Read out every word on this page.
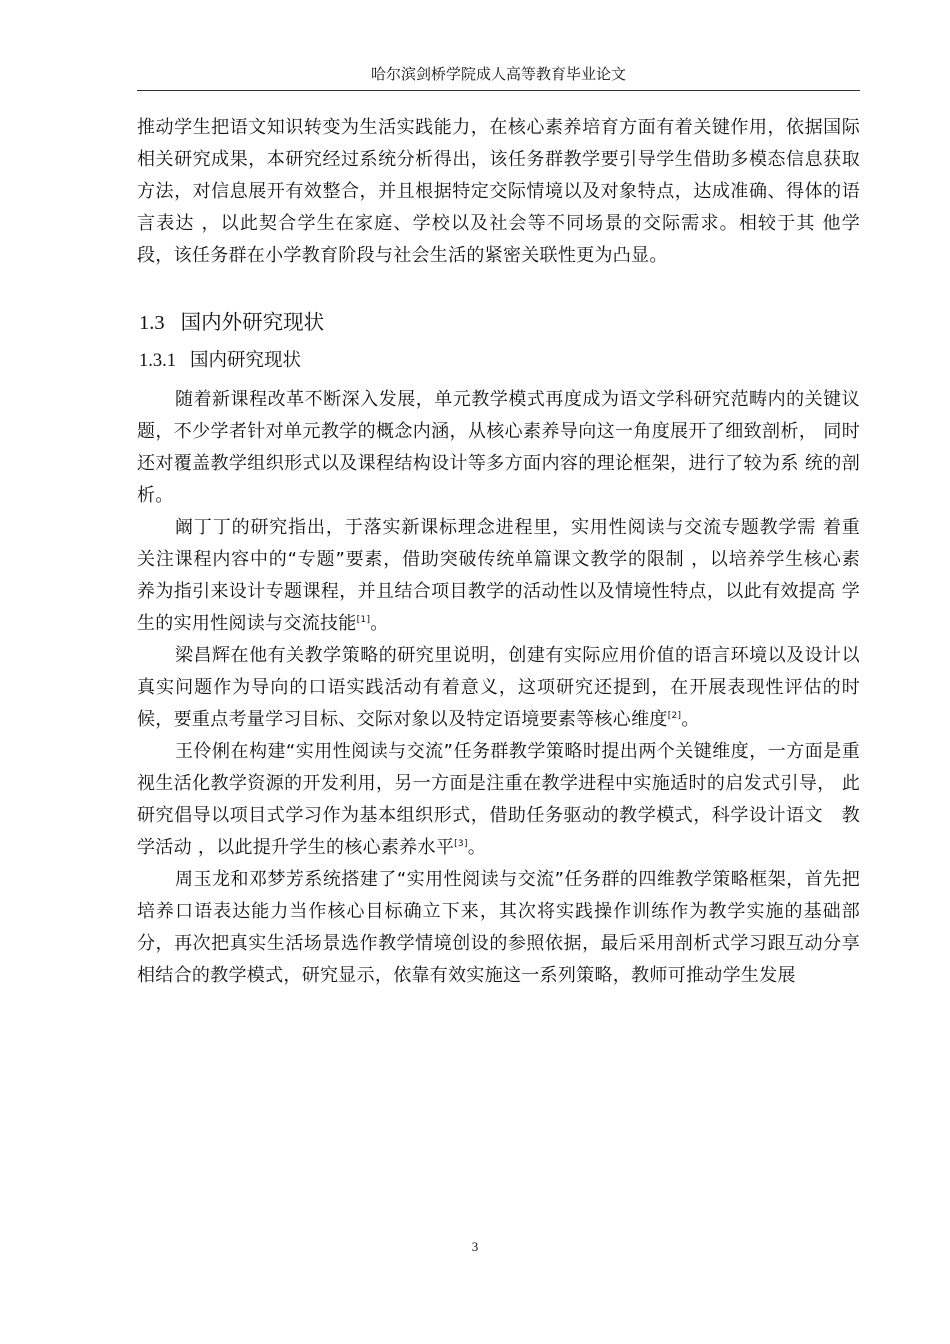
哈尔滨剑桥学院成人高等教育毕业论文

推动学生把语文知识转变为生活实践能力，在核心素养培育方面有着关键作用，依据国际相关研究成果，本研究经过系统分析得出，该任务群教学要引导学生借助多模态信息获取方法，对信息展开有效整合，并且根据特定交际情境以及对象特点，达成准确、得体的语言表达 ，以此契合学生在家庭、学校以及社会等不同场景的交际需求。相较于其 他学段，该任务群在小学教育阶段与社会生活的紧密关联性更为凸显。

1.3 国内外研究现状
1.3.1 国内研究现状

随着新课程改革不断深入发展，单元教学模式再度成为语文学科研究范畴内的关键议题，不少学者针对单元教学的概念内涵，从核心素养导向这一角度展开了细致剖析， 同时还对覆盖教学组织形式以及课程结构设计等多方面内容的理论框架，进行了较为系 统的剖析。

阚丁丁的研究指出，于落实新课标理念进程里，实用性阅读与交流专题教学需 着重 关注课程内容中的“专题”要素，借助突破传统单篇课文教学的限制 ，以培养学生核心素 养为指引来设计专题课程，并且结合项目教学的活动性以及情境性特点，以此有效提高 学生的实用性阅读与交流技能[1]。

梁昌辉在他有关教学策略的研究里说明，创建有实际应用价值的语言环境以及设计以真实问题作为导向的口语实践活动有着意义，这项研究还提到，在开展表现性评估的时候，要重点考量学习目标、交际对象以及特定语境要素等核心维度[2]。

王伶俐在构建“实用性阅读与交流”任务群教学策略时提出两个关键维度，一方面是重视生活化教学资源的开发利用，另一方面是注重在教学进程中实施适时的启发式引导， 此研究倡导以项目式学习作为基本组织形式，借助任务驱动的教学模式，科学设计语文　教学活动 ，以此提升学生的核心素养水平[3]。

周玉龙和邓梦芳系统搭建了“实用性阅读与交流”任务群的四维教学策略框架，首先把培养口语表达能力当作核心目标确立下来，其次将实践操作训练作为教学实施的基础部分，再次把真实生活场景选作教学情境创设的参照依据，最后采用剖析式学习跟互动分享相结合的教学模式，研究显示，依靠有效实施这一系列策略，教师可推动学生发展

3
